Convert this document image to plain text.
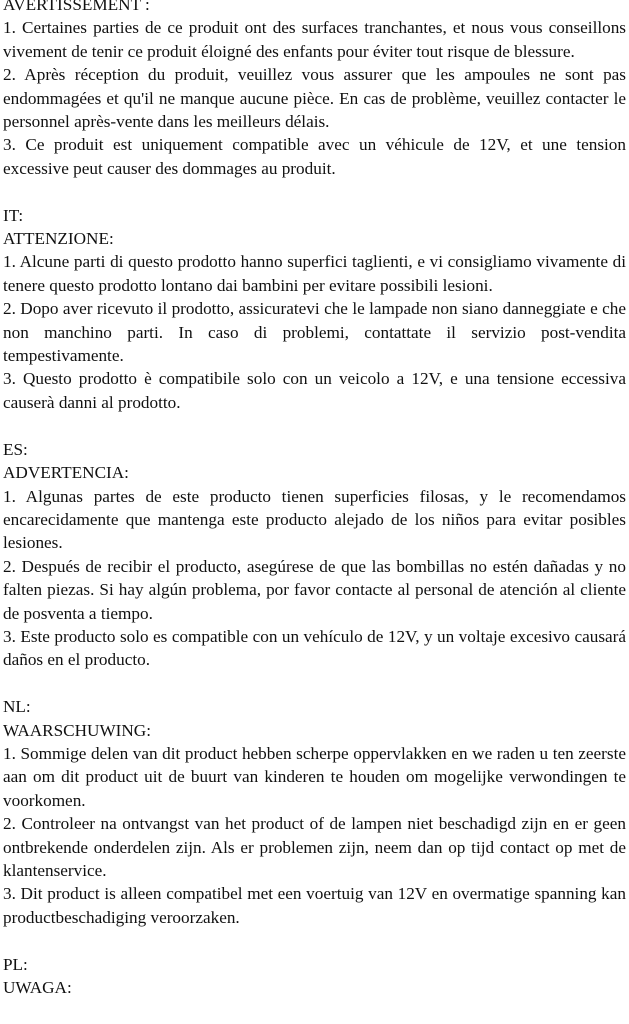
AVERTISSEMENT :

1. Certaines parties de ce produit ont des surfaces tranchantes, et nous vous conseillons vivement de tenir ce produit éloigné des enfants pour éviter tout risque de blessure.

2. Après réception du produit, veuillez vous assurer que les ampoules ne sont pas endommagées et qu'il ne manque aucune pièce. En cas de problème, veuillez contacter le personnel après-vente dans les meilleurs délais.

3. Ce produit est uniquement compatible avec un véhicule de 12V, et une tension excessive peut causer des dommages au produit.

IT:

ATTENZIONE:

1. Alcune parti di questo prodotto hanno superfici taglienti, e vi consigliamo vivamente di tenere questo prodotto lontano dai bambini per evitare possibili lesioni.

2. Dopo aver ricevuto il prodotto, assicuratevi che le lampade non siano danneggiate e che non manchino parti. In caso di problemi, contattate il servizio post-vendita tempestivamente.

3. Questo prodotto è compatibile solo con un veicolo a 12V, e una tensione eccessiva causerà danni al prodotto.

ES:

ADVERTENCIA:

1. Algunas partes de este producto tienen superficies filosas, y le recomendamos encarecidamente que mantenga este producto alejado de los niños para evitar posibles lesiones.

2. Después de recibir el producto, asegúrese de que las bombillas no estén dañadas y no falten piezas. Si hay algún problema, por favor contacte al personal de atención al cliente de posventa a tiempo.

3. Este producto solo es compatible con un vehículo de 12V, y un voltaje excesivo causará daños en el producto.

NL:

WAARSCHUWING:

1. Sommige delen van dit product hebben scherpe oppervlakken en we raden u ten zeerste aan om dit product uit de buurt van kinderen te houden om mogelijke verwondingen te voorkomen.

2. Controleer na ontvangst van het product of de lampen niet beschadigd zijn en er geen ontbrekende onderdelen zijn. Als er problemen zijn, neem dan op tijd contact op met de klantenservice.

3. Dit product is alleen compatibel met een voertuig van 12V en overmatige spanning kan productbeschadiging veroorzaken.

PL:

UWAGA:
